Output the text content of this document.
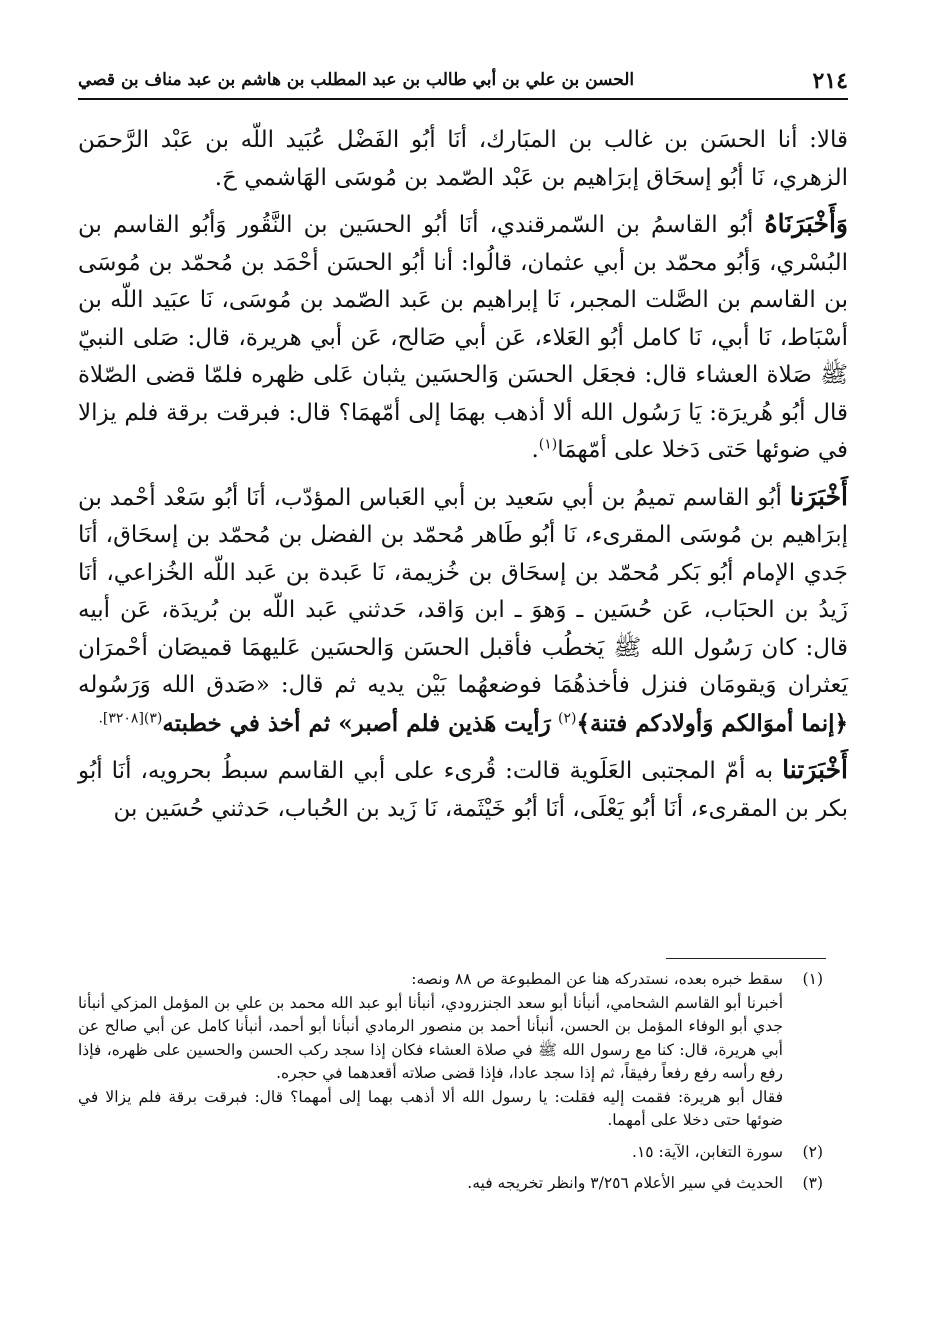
٢١٤
الحسن بن علي بن أبي طالب بن عبد المطلب بن هاشم بن عبد مناف بن قصي

قالا: أنا الحسَن بن غالب بن المبَارك، أنَا أبُو الفَضْل عُبَيد اللّه بن عَبْد الرَّحمَن الزهري، نَا أبُو إسحَاق إبرَاهيم بن عَبْد الصّمد بن مُوسَى الهَاشمي حَ.

وَأَخْبَرَنَاهُ أبُو القاسمُ بن السّمرقندي، أنَا أبُو الحسَين بن النَّقُور وَأبُو القاسم بن البُسْري، وَأبُو محمّد بن أبي عثمان، قالُوا: أنا أبُو الحسَن أحْمَد بن مُحمّد بن مُوسَى بن القاسم بن الصَّلت المجبر، نَا إبراهيم بن عَبد الصّمد بن مُوسَى، نَا عبَيد اللّه بن أسْبَاط، نَا أبي، نَا كامل أبُو العَلاء، عَن أبي صَالح، عَن أبي هريرة، قال: صَلى النبيّ ﷺ صَلاة العشاء قال: فجعَل الحسَن وَالحسَين يثبان عَلى ظهره فلمّا قضى الصّلاة قال أبُو هُريرَة: يَا رَسُول الله ألا أذهب بهمَا إلى أمّهمَا؟ قال: فبرقت برقة فلم يزالا في ضوئها حَتى دَخلا على أمّهمَا$^{(١)}$.

أَخْبَرَنا أبُو القاسم تميمُ بن أبي سَعيد بن أبي العَباس المؤدّب، أنَا أبُو سَعْد أحْمد بن إبرَاهيم بن مُوسَى المقرىء، نَا أبُو طَاهر مُحمّد بن الفضل بن مُحمّد بن إسحَاق، أنَا جَدي الإمام أبُو بَكر مُحمّد بن إسحَاق بن خُزيمة، نَا عَبدة بن عَبد اللّه الخُزاعي، أنَا زَيدُ بن الحبَاب، عَن حُسَين ـ وَهوَ ـ ابن وَاقد، حَدثني عَبد اللّه بن بُريدَة، عَن أبيه قال: كان رَسُول الله ﷺ يَخطُب فأقبل الحسَن وَالحسَين عَليهمَا قميصَان أحْمرَان يَعثران وَيقومَان فنزل فأخذهُمَا فوضعهُما بَيْن يديه ثم قال: «صَدق الله وَرَسُوله ﴿إنما أموَالكم وَأولادكم فتنة﴾$^{(٢)}$ رَأيت هَذين فلم أصبر» ثم أخذ في خطبته$^{(٣)[٣٢٠٨].}$

أَخْبَرَتنا به أمّ المجتبى العَلَوية قالت: قُرىء على أبي القاسم سبطُ بحرويه، أنَا أبُو بكر بن المقرىء، أنَا أبُو يَعْلَى، أنَا أبُو خَيْثَمة، نَا زَيد بن الحُباب، حَدثني حُسَين بن

(١)

سقط خبره بعده، نستدركه هنا عن المطبوعة ص ٨٨ ونصه:

أخبرنا أبو القاسم الشحامي، أنبأنا أبو سعد الجنزرودي، أنبأنا أبو عبد الله محمد بن علي بن المؤمل المزكي أنبأنا جدي أبو الوفاء المؤمل بن الحسن، أنبأنا أحمد بن منصور الرمادي أنبأنا أبو أحمد، أنبأنا كامل عن أبي صالح عن أبي هريرة، قال: كنا مع رسول الله ﷺ في صلاة العشاء فكان إذا سجد ركب الحسن والحسين على ظهره، فإذا رفع رأسه رفع رفعاً رفيقاً، ثم إذا سجد عادا، فإذا قضى صلاته أقعدهما في حجره.

فقال أبو هريرة: فقمت إليه فقلت: يا رسول الله ألا أذهب بهما إلى أمهما؟ قال: فبرقت برقة فلم يزالا في ضوئها حتى دخلا على أمهما.

(٢)

سورة التغابن، الآية: ١٥.

(٣)

الحديث في سير الأعلام ٣/٢٥٦ وانظر تخريجه فيه.
